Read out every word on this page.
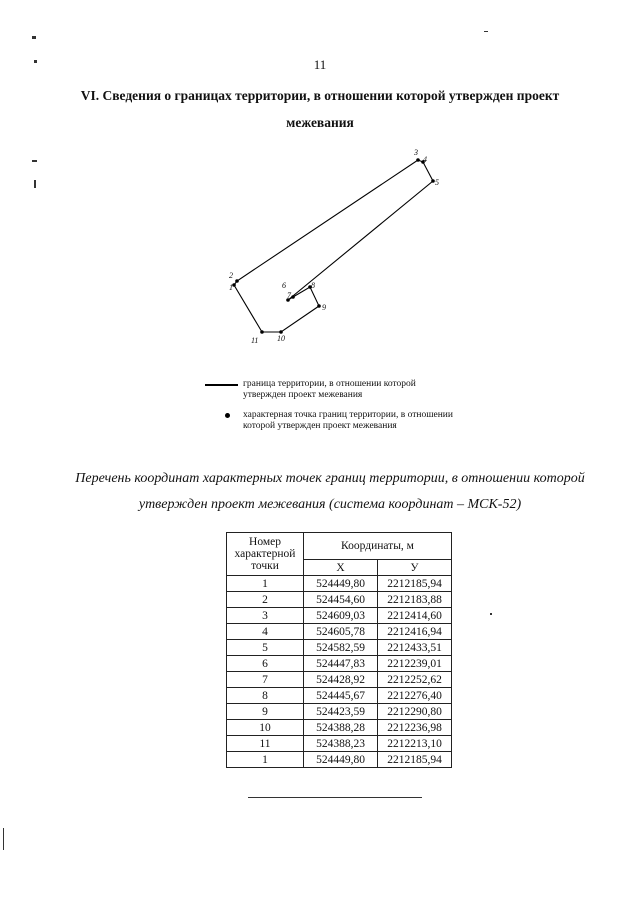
11
VI. Сведения о границах территории, в отношении которой утвержден проект
межевания
1
2
3
4
5
6
7
8
9
10
11
граница территории, в отношении которой утвержден проект межевания
характерная точка границ территории, в отношении которой утвержден проект межевания
Перечень координат характерных точек границ территории, в отношении которой
утвержден проект межевания (система координат – МСК-52)
Номер характерной точки	Координаты, м	
	X	У
1	524449,80	2212185,94
2	524454,60	2212183,88
3	524609,03	2212414,60
4	524605,78	2212416,94
5	524582,59	2212433,51
6	524447,83	2212239,01
7	524428,92	2212252,62
8	524445,67	2212276,40
9	524423,59	2212290,80
10	524388,28	2212236,98
11	524388,23	2212213,10
1	524449,80	2212185,94
